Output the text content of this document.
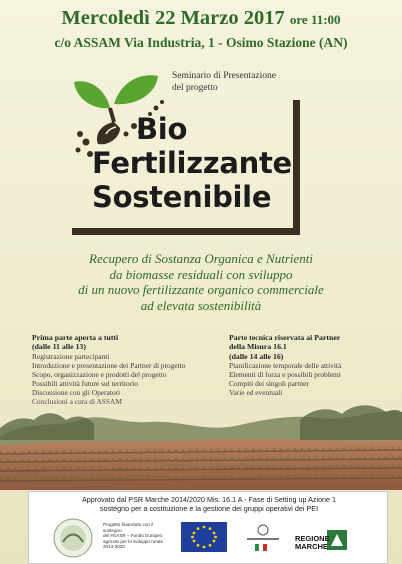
Mercoledì 22 Marzo 2017 ore 11:00
c/o ASSAM Via Industria, 1 - Osimo Stazione (AN)
Seminario di Presentazione
del progetto
Bio
Fertilizzante
Sostenibile
Recupero di Sostanza Organica e Nutrienti
da biomasse residuali con sviluppo
di un nuovo fertilizzante organico commerciale
ad elevata sostenibilità
Prima parte aperta a tutti
(dalle 11 alle 13)
Registrazione partecipanti
Introduzione e presentazione dei Partner di progetto
Scopo, organizzazione e prodotti del progetto
Possibili attività future sul territorio
Parte tecnica riservata ai Partner
della Misura 16.1
(dalle 14 alle 16)
Pianificazione temporale delle attività
Elementi di forza e possibili problemi
Compiti dei singoli partner
Approvato dal PSR Marche 2014/2020 Mis. 16.1 A - Fase di Setting up Azione 1
sostegno per a costituzione e la gestione dei gruppi operativi dei PEI
Progetto finanziato con il sostegno
del FEASR – Fondo Europeo
agricolo per lo sviluppo rurale
2014-2020
REGIONE
MARCHE
